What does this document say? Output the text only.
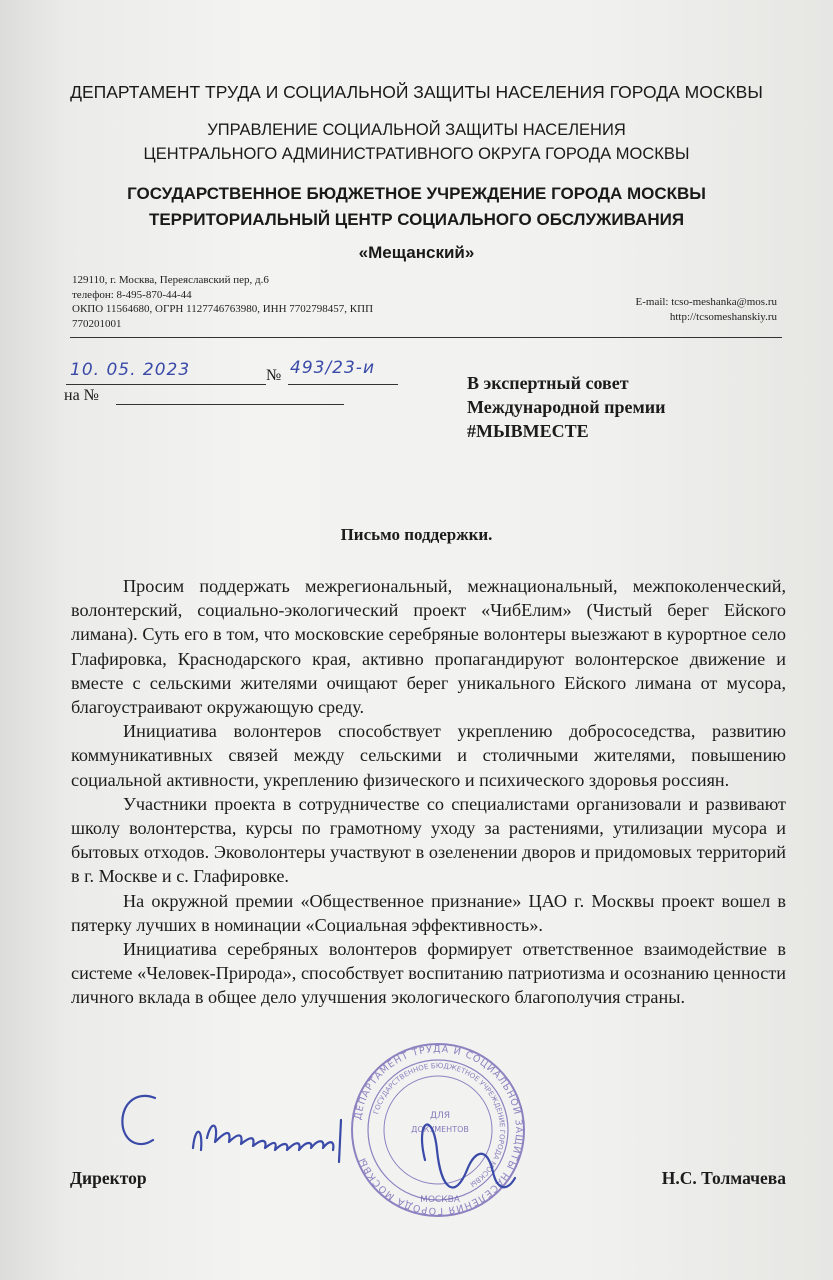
ДЕПАРТАМЕНТ ТРУДА И СОЦИАЛЬНОЙ ЗАЩИТЫ НАСЕЛЕНИЯ ГОРОДА МОСКВЫ
УПРАВЛЕНИЕ СОЦИАЛЬНОЙ ЗАЩИТЫ НАСЕЛЕНИЯ
ЦЕНТРАЛЬНОГО АДМИНИСТРАТИВНОГО ОКРУГА ГОРОДА МОСКВЫ
ГОСУДАРСТВЕННОЕ БЮДЖЕТНОЕ УЧРЕЖДЕНИЕ ГОРОДА МОСКВЫ
ТЕРРИТОРИАЛЬНЫЙ ЦЕНТР СОЦИАЛЬНОГО ОБСЛУЖИВАНИЯ
«Мещанский»
129110, г. Москва, Переяславский пер, д.6
телефон: 8-495-870-44-44
ОКПО 11564680, ОГРН 1127746763980, ИНН 7702798457, КПП
770201001
E-mail: tcso-meshanka@mos.ru
http://tcsomeshanskiy.ru
10. 05. 2023	№ 493/23-и
на №
В экспертный совет
Международной премии
#МЫВМЕСТЕ
Письмо поддержки.

Просим поддержать межрегиональный, межнациональный, межпоколенческий, волонтерский, социально-экологический проект «ЧибЕлим» (Чистый берег Ейского лимана). Суть его в том, что московские серебряные волонтеры выезжают в курортное село Глафировка, Краснодарского края, активно пропагандируют волонтерское движение и вместе с сельскими жителями очищают берег уникального Ейского лимана от мусора, благоустраивают окружающую среду.

Инициатива волонтеров способствует укреплению добрососедства, развитию коммуникативных связей между сельскими и столичными жителями, повышению социальной активности, укреплению физического и психического здоровья россиян.

Участники проекта в сотрудничестве со специалистами организовали и развивают школу волонтерства, курсы по грамотному уходу за растениями, утилизации мусора и бытовых отходов. Эковолонтеры участвуют в озеленении дворов и придомовых территорий в г. Москве и с. Глафировке.

На окружной премии «Общественное признание» ЦАО г. Москвы проект вошел в пятерку лучших в номинации «Социальная эффективность».

Инициатива серебряных волонтеров формирует ответственное взаимодействие в системе «Человек-Природа», способствует воспитанию патриотизма и осознанию ценности личного вклада в общее дело улучшения экологического благополучия страны.

ДЕПАРТАМЕНТ ТРУДА И СОЦИАЛЬНОЙ ЗАЩИТЫ НАСЕЛЕНИЯ ГОРОДА МОСКВЫ
ГОСУДАРСТВЕННОЕ БЮДЖЕТНОЕ УЧРЕЖДЕНИЕ ГОРОДА МОСКВЫ
ДЛЯ
ДОКУМЕНТОВ
МОСКВА
Директор	Н.С. Толмачева
